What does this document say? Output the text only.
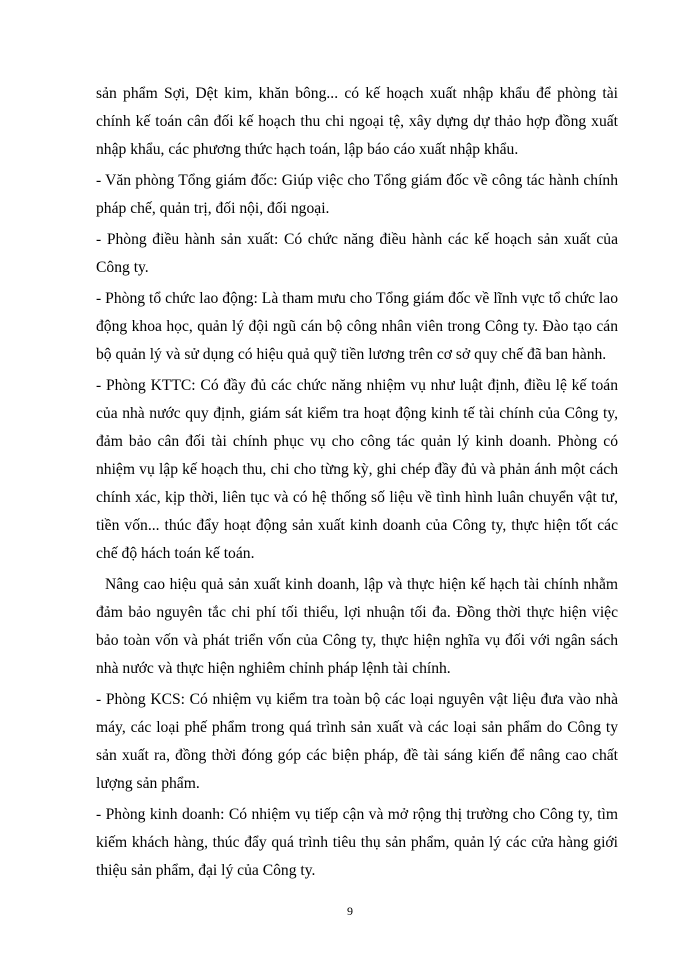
sản phẩm Sợi, Dệt kim, khăn bông... có kế hoạch xuất nhập khẩu để phòng tài chính kế toán cân đối kế hoạch thu chi ngoại tệ, xây dựng dự thảo hợp đồng xuất nhập khẩu, các phương thức hạch toán, lập báo cáo xuất nhập khẩu.

- Văn phòng Tổng giám đốc: Giúp việc cho Tổng giám đốc về công tác hành chính pháp chế, quản trị, đối nội, đối ngoại.

- Phòng điều hành sản xuất: Có chức năng điều hành các kế hoạch sản xuất của Công ty.

- Phòng tổ chức lao động: Là tham mưu cho Tổng giám đốc về lĩnh vực tổ chức lao động khoa học, quản lý đội ngũ cán bộ công nhân viên trong Công ty. Đào tạo cán bộ quản lý và sử dụng có hiệu quả quỹ tiền lương trên cơ sở quy chế đã ban hành.

- Phòng KTTC: Có đầy đủ các chức năng nhiệm vụ như luật định, điều lệ kế toán của nhà nước quy định, giám sát kiểm tra hoạt động kinh tế tài chính của Công ty, đảm bảo cân đối tài chính phục vụ cho công tác quản lý kinh doanh. Phòng có nhiệm vụ lập kế hoạch thu, chi cho từng kỳ, ghi chép đầy đủ và phản ánh một cách chính xác, kịp thời, liên tục và có hệ thống số liệu về tình hình luân chuyển vật tư, tiền vốn... thúc đẩy hoạt động sản xuất kinh doanh của Công ty, thực hiện tốt các chế độ hách toán kế toán.

Nâng cao hiệu quả sản xuất kinh doanh, lập và thực hiện kế hạch tài chính nhằm đảm bảo nguyên tắc chi phí tối thiểu, lợi nhuận tối đa. Đồng thời thực hiện việc bảo toàn vốn và phát triển vốn của Công ty, thực hiện nghĩa vụ đối với ngân sách nhà nước và thực hiện nghiêm chỉnh pháp lệnh tài chính.

- Phòng KCS: Có nhiệm vụ kiểm tra toàn bộ các loại nguyên vật liệu đưa vào nhà máy, các loại phế phẩm trong quá trình sản xuất và các loại sản phẩm do Công ty sản xuất ra, đồng thời đóng góp các biện pháp, đề tài sáng kiến để nâng cao chất lượng sản phẩm.

- Phòng kinh doanh: Có nhiệm vụ tiếp cận và mở rộng thị trường cho Công ty, tìm kiếm khách hàng, thúc đẩy quá trình tiêu thụ sản phẩm, quản lý các cửa hàng giới thiệu sản phẩm, đại lý của Công ty.

9
